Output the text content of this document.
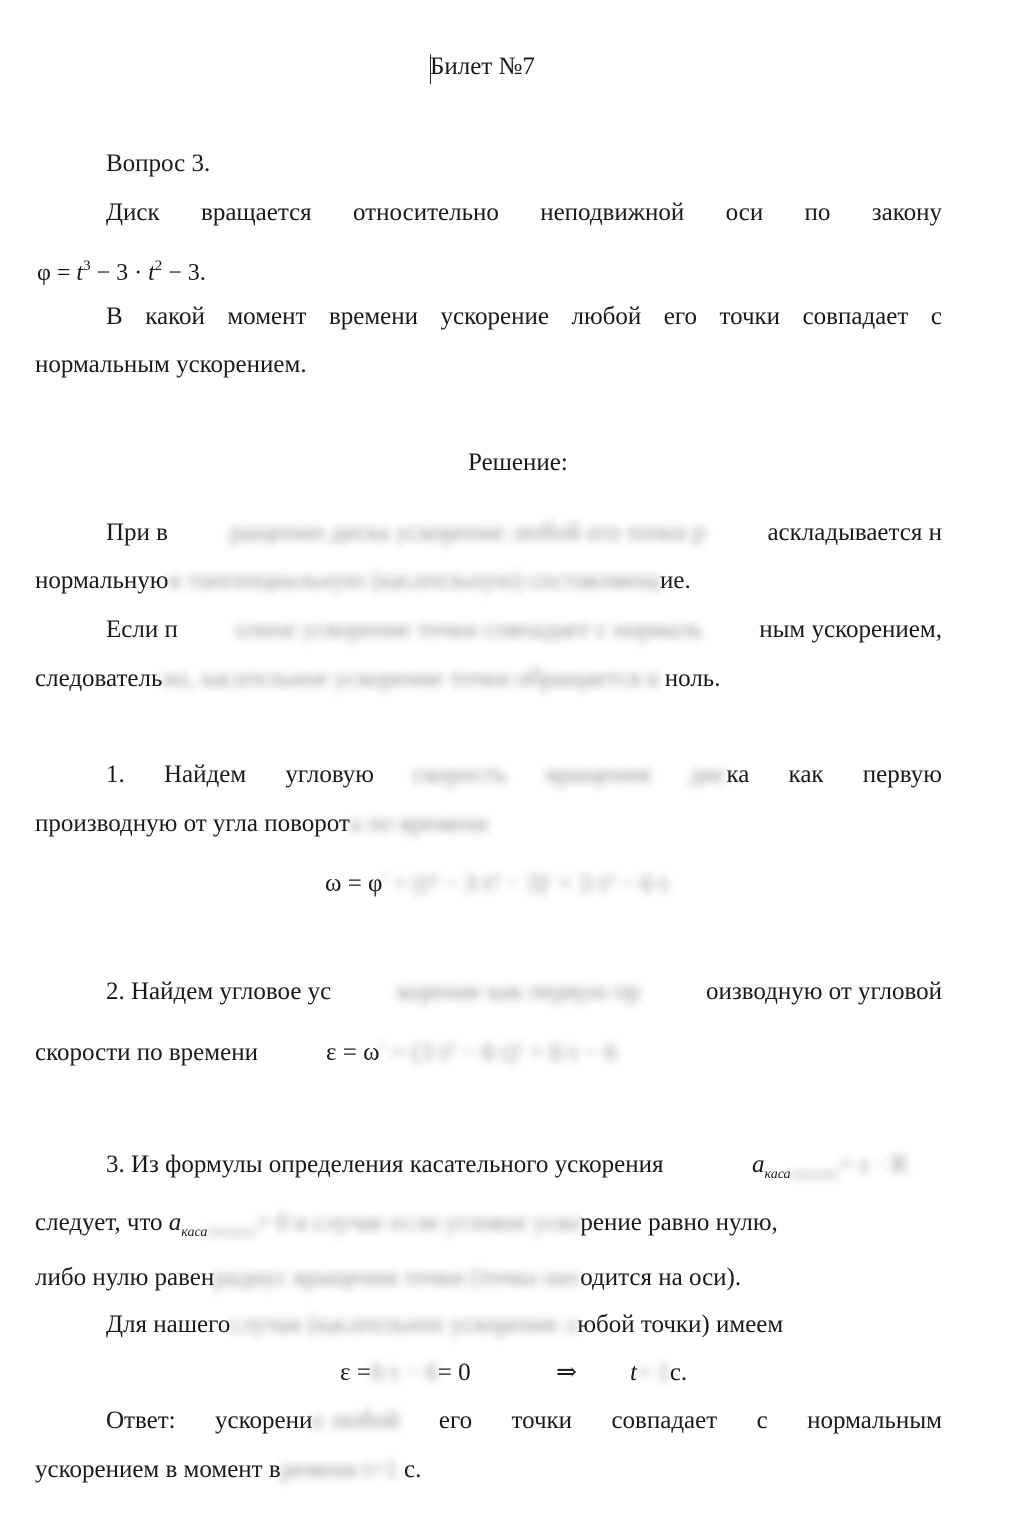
Билет №7
Вопрос 3.
Диск вращается относительно неподвижной оси по закону
$\varphi = t^3 - 3 \cdot t^2 - 3$.
В какой момент времени ускорение любой его точки совпадает с
нормальным ускорением.
Решение:
При в ращении диска ускорение любой его точки р аскладывается н
нормальнуюи тангенциальную (касательную) составляющие.
Если п олное ускорение точки совпадает с нормаль ным ускорением,
следовательно, касательное ускорение точки обращается в ноль.
1. Найдем угловую скорость вращения диска как первую
производную от угла поворота по времени
ω = φ′ = (t³ − 3·t² − 3)′ = 3·t² − 6·t
2. Найдем угловое ус	корение как первую пр	оизводную от угловой
скорости по времени	ε = ω′ = (3·t² − 6·t)′ = 6·t − 6
3. Из формулы определения касательного ускорения	$a_{каса}тельное= \varepsilon \cdot R$
следует, что $a_{каса}тельное= 0$ в случае если угловое ускорение равно нулю,
либо нулю равенрадиус вращения точки (точка находится на оси).
Для нашегослучая (касательное ускорение любой точки) имеем
ε =6·t − 6= 0	⇒ t= 1с.
Ответ: ускорение любой его точки совпадает с нормальным
ускорением в момент времени t=1 с.
